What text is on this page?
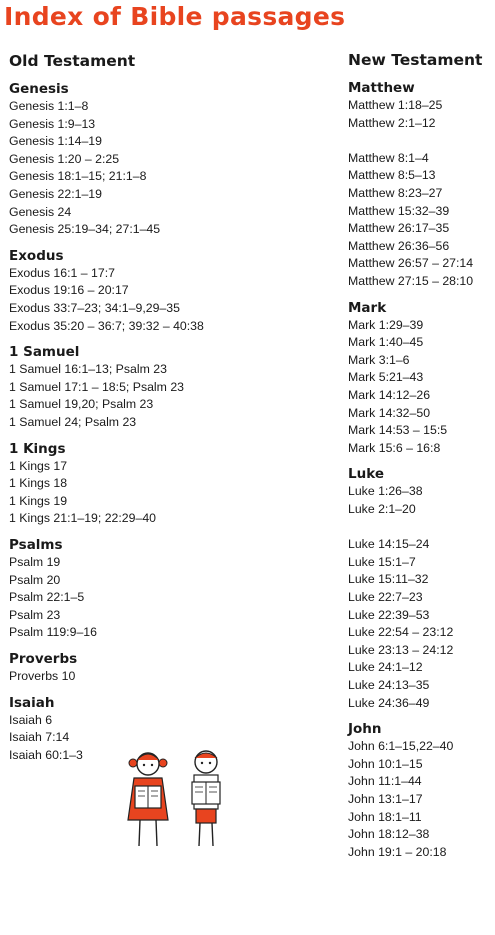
Index of Bible passages
Old Testament	New Testament
Genesis
Genesis 1:1–8
Genesis 1:9–13
Genesis 1:14–19
Genesis 1:20 – 2:25
Genesis 18:1–15; 21:1–8
Genesis 22:1–19
Genesis 24
Genesis 25:19–34; 27:1–45
Exodus
Exodus 16:1 – 17:7
Exodus 19:16 – 20:17
Exodus 33:7–23; 34:1–9,29–35
Exodus 35:20 – 36:7; 39:32 – 40:38
1 Samuel
1 Samuel 16:1–13; Psalm 23
1 Samuel 17:1 – 18:5; Psalm 23
1 Samuel 19,20; Psalm 23
1 Samuel 24; Psalm 23
1 Kings
1 Kings 17
1 Kings 18
1 Kings 19
1 Kings 21:1–19; 22:29–40
Psalms
Psalm 19
Psalm 20
Psalm 22:1–5
Psalm 23
Psalm 119:9–16
Proverbs
Proverbs 10
Isaiah
Isaiah 6
Isaiah 7:14
Isaiah 60:1–3
Matthew
Matthew 1:18–25
Matthew 2:1–12
Matthew 8:1–4
Matthew 8:5–13
Matthew 8:23–27
Matthew 15:32–39
Matthew 26:17–35
Matthew 26:36–56
Matthew 26:57 – 27:14
Matthew 27:15 – 28:10
Mark
Mark 1:29–39
Mark 1:40–45
Mark 3:1–6
Mark 5:21–43
Mark 14:12–26
Mark 14:32–50
Mark 14:53 – 15:5
Mark 15:6 – 16:8
Luke
Luke 1:26–38
Luke 2:1–20
Luke 14:15–24
Luke 15:1–7
Luke 15:11–32
Luke 22:7–23
Luke 22:39–53
Luke 22:54 – 23:12
Luke 23:13 – 24:12
Luke 24:1–12
Luke 24:13–35
Luke 24:36–49
John
John 6:1–15,22–40
John 10:1–15
John 11:1–44
John 13:1–17
John 18:1–11
John 18:12–38
John 19:1 – 20:18
